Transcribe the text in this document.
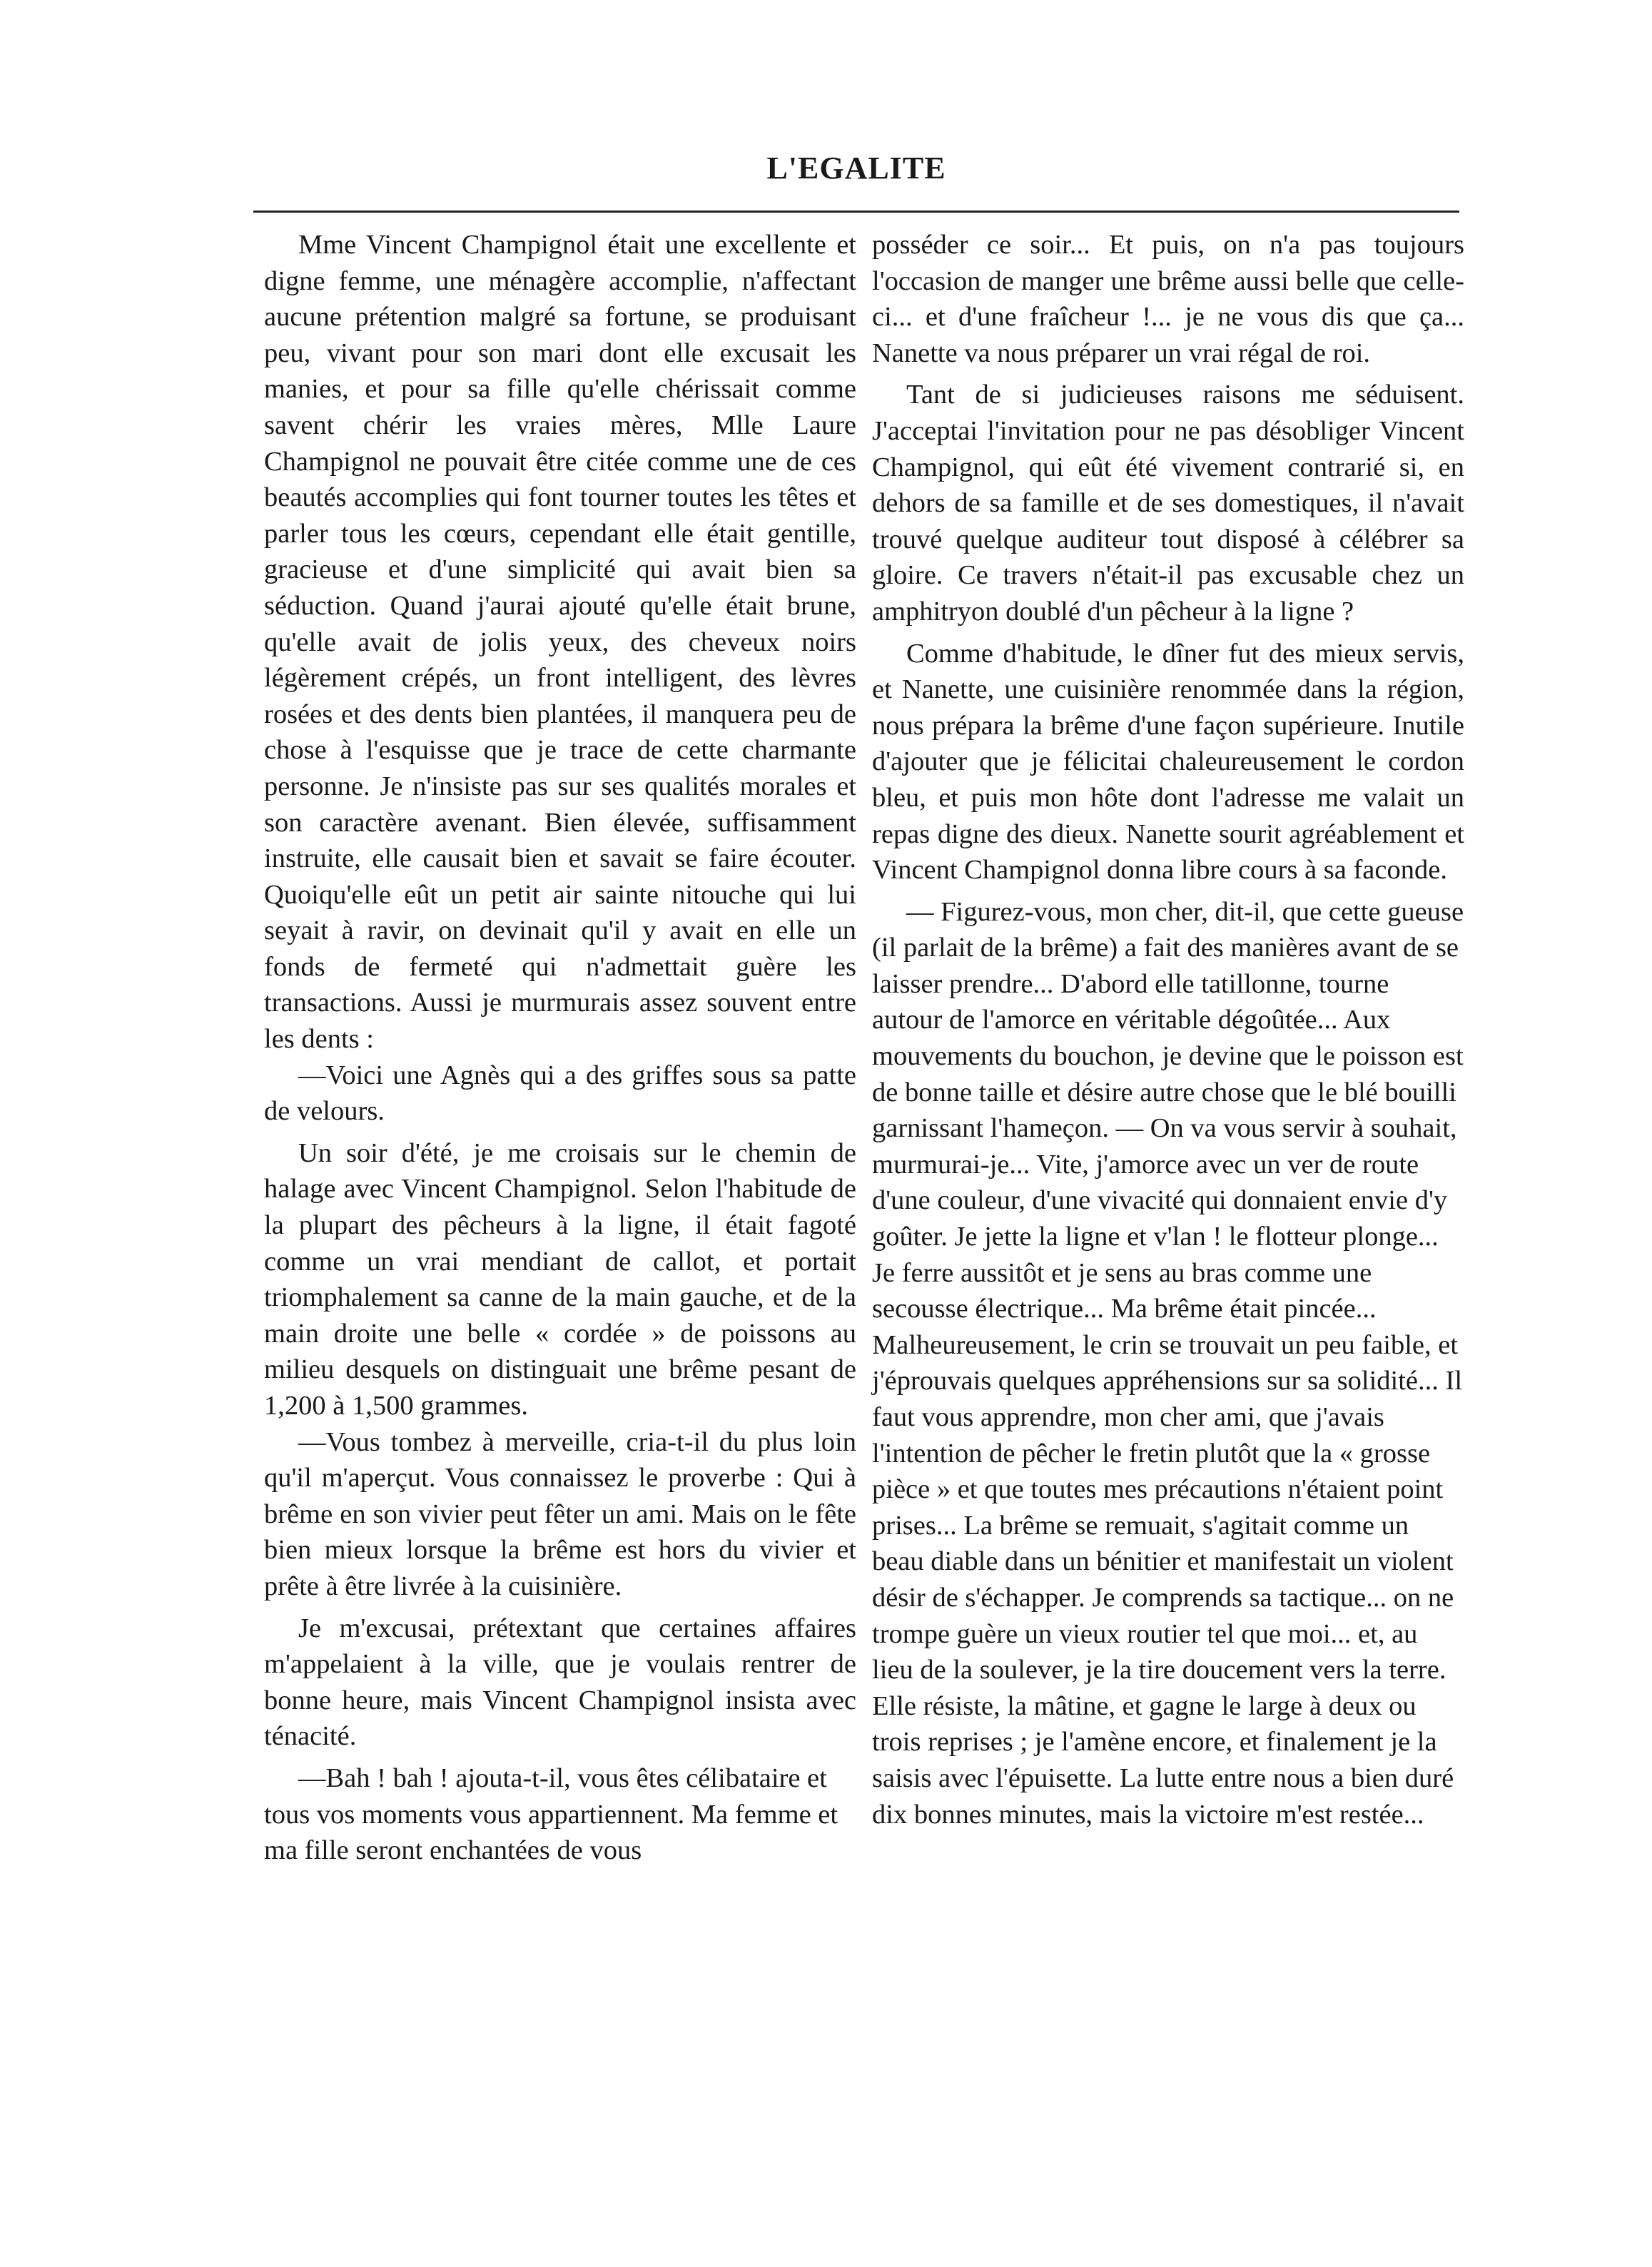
L'EGALITE

Mme Vincent Champignol était une excellente et digne femme, une ménagère accomplie, n'affectant aucune prétention malgré sa fortune, se produisant peu, vivant pour son mari dont elle excusait les manies, et pour sa fille qu'elle chérissait comme savent chérir les vraies mères, Mlle Laure Champignol ne pouvait être citée comme une de ces beautés accomplies qui font tourner toutes les têtes et parler tous les cœurs, cependant elle était gentille, gracieuse et d'une simplicité qui avait bien sa séduction. Quand j'aurai ajouté qu'elle était brune, qu'elle avait de jolis yeux, des cheveux noirs légèrement crépés, un front intelligent, des lèvres rosées et des dents bien plantées, il manquera peu de chose à l'esquisse que je trace de cette charmante personne. Je n'insiste pas sur ses qualités morales et son caractère avenant. Bien élevée, suffisamment instruite, elle causait bien et savait se faire écouter. Quoiqu'elle eût un petit air sainte nitouche qui lui seyait à ravir, on devinait qu'il y avait en elle un fonds de fermeté qui n'admettait guère les transactions. Aussi je murmurais assez souvent entre les dents :

—Voici une Agnès qui a des griffes sous sa patte de velours.

Un soir d'été, je me croisais sur le chemin de halage avec Vincent Champignol. Selon l'habitude de la plupart des pêcheurs à la ligne, il était fagoté comme un vrai mendiant de callot, et portait triomphalement sa canne de la main gauche, et de la main droite une belle « cordée » de poissons au milieu desquels on distinguait une brême pesant de 1,200 à 1,500 grammes.

—Vous tombez à merveille, cria-t-il du plus loin qu'il m'aperçut. Vous connaissez le proverbe : Qui à brême en son vivier peut fêter un ami. Mais on le fête bien mieux lorsque la brême est hors du vivier et prête à être livrée à la cuisinière.

Je m'excusai, prétextant que certaines affaires m'appelaient à la ville, que je voulais rentrer de bonne heure, mais Vincent Champignol insista avec ténacité.

—Bah ! bah ! ajouta-t-il, vous êtes célibataire et tous vos moments vous appartiennent. Ma femme et ma fille seront enchantées de vous

posséder ce soir... Et puis, on n'a pas toujours l'occasion de manger une brême aussi belle que celle-ci... et d'une fraîcheur !... je ne vous dis que ça... Nanette va nous préparer un vrai régal de roi.

Tant de si judicieuses raisons me séduisent. J'acceptai l'invitation pour ne pas désobliger Vincent Champignol, qui eût été vivement contrarié si, en dehors de sa famille et de ses domestiques, il n'avait trouvé quelque auditeur tout disposé à célébrer sa gloire. Ce travers n'était-il pas excusable chez un amphitryon doublé d'un pêcheur à la ligne ?

Comme d'habitude, le dîner fut des mieux servis, et Nanette, une cuisinière renommée dans la région, nous prépara la brême d'une façon supérieure. Inutile d'ajouter que je félicitai chaleureusement le cordon bleu, et puis mon hôte dont l'adresse me valait un repas digne des dieux. Nanette sourit agréablement et Vincent Champignol donna libre cours à sa faconde.

— Figurez-vous, mon cher, dit-il, que cette gueuse (il parlait de la brême) a fait des manières avant de se laisser prendre... D'abord elle tatillonne, tourne autour de l'amorce en véritable dégoûtée... Aux mouvements du bouchon, je devine que le poisson est de bonne taille et désire autre chose que le blé bouilli garnissant l'hameçon. — On va vous servir à souhait, murmurai-je... Vite, j'amorce avec un ver de route d'une couleur, d'une vivacité qui donnaient envie d'y goûter. Je jette la ligne et v'lan ! le flotteur plonge... Je ferre aussitôt et je sens au bras comme une secousse électrique... Ma brême était pincée... Malheureusement, le crin se trouvait un peu faible, et j'éprouvais quelques appréhensions sur sa solidité... Il faut vous apprendre, mon cher ami, que j'avais l'intention de pêcher le fretin plutôt que la « grosse pièce » et que toutes mes précautions n'étaient point prises... La brême se remuait, s'agitait comme un beau diable dans un bénitier et manifestait un violent désir de s'échapper. Je comprends sa tactique... on ne trompe guère un vieux routier tel que moi... et, au lieu de la soulever, je la tire doucement vers la terre. Elle résiste, la mâtine, et gagne le large à deux ou trois reprises ; je l'amène encore, et finalement je la saisis avec l'épuisette. La lutte entre nous a bien duré dix bonnes minutes, mais la victoire m'est restée...
